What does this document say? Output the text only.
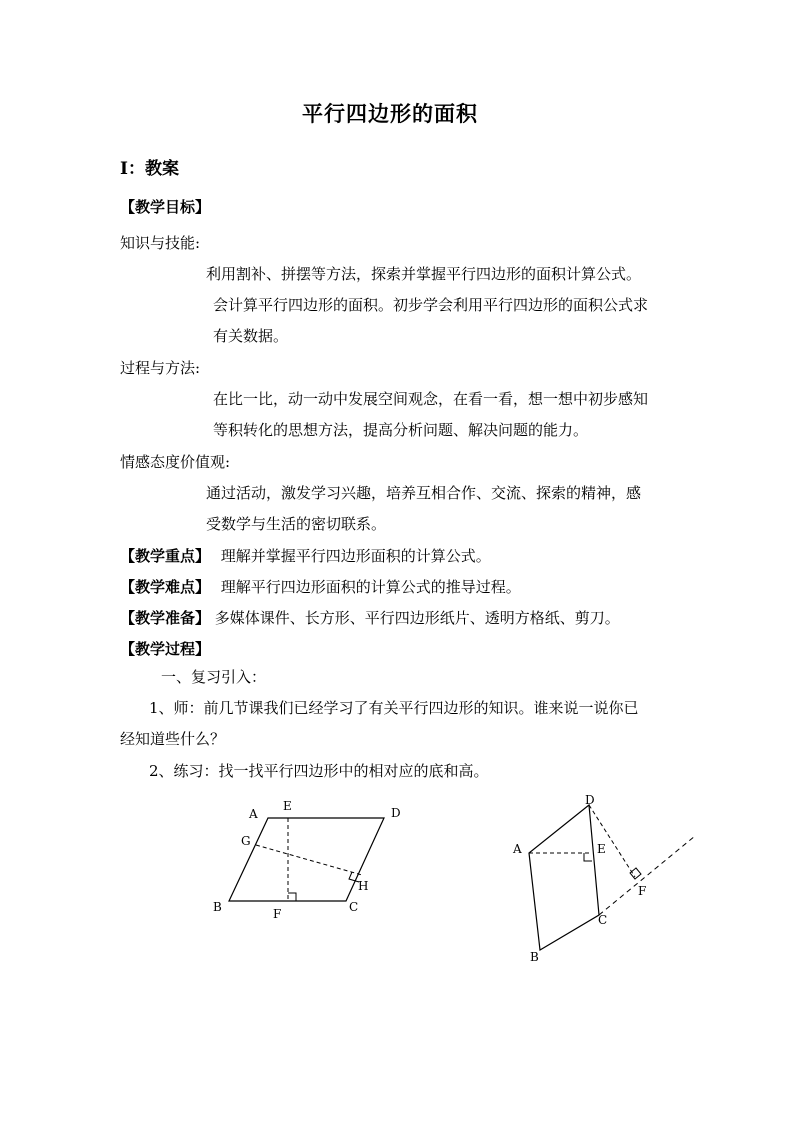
平行四边形的面积
Ⅰ：教案
【教学目标】
知识与技能:
利用割补、拼摆等方法，探索并掌握平行四边形的面积计算公式。
会计算平行四边形的面积。初步学会利用平行四边形的面积公式求
有关数据。
过程与方法:
在比一比，动一动中发展空间观念，在看一看，想一想中初步感知
等积转化的思想方法，提高分析问题、解决问题的能力。
情感态度价值观:
通过活动，激发学习兴趣，培养互相合作、交流、探索的精神，感
受数学与生活的密切联系。
【教学重点】 理解并掌握平行四边形面积的计算公式。
【教学难点】 理解平行四边形面积的计算公式的推导过程。
【教学准备】 多媒体课件、长方形、平行四边形纸片、透明方格纸、剪刀。
【教学过程】
一、复习引入：
1、师：前几节课我们已经学习了有关平行四边形的知识。谁来说一说你已
经知道些什么？
2、练习：找一找平行四边形中的相对应的底和高。
A
E	D
G
H
B	F	C
D
A	E
F
C
B
